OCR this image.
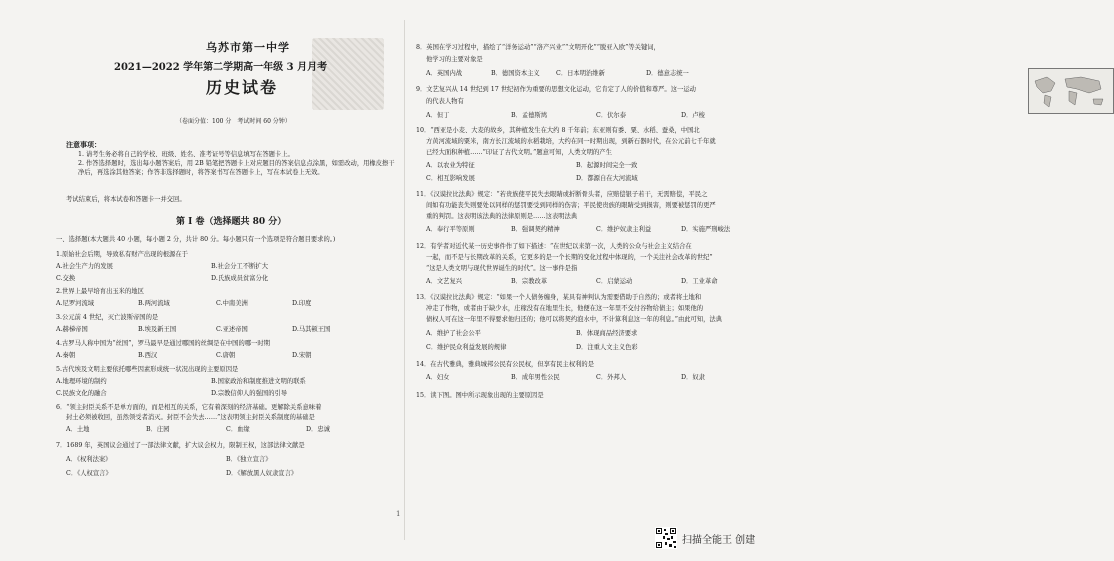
乌苏市第一中学
2021—2022 学年第二学期高一年级 3 月月考
历史试卷
（卷面分值：100 分　考试时间 60 分钟）
注意事项：
1. 请考生务必将自己的学校、班级、姓名、准考证号等信息填写在答题卡上。
2. 作答选择题时，选出每小题答案后，用 2B 铅笔把答题卡上对应题目的答案信息点涂黑，如需改动，用橡皮擦干净后，再选涂其他答案；作答非选择题时，将答案书写在答题卡上，写在本试卷上无效。
考试结束后，将本试卷和答题卡一并交回。
第 I 卷（选择题共 80 分）
一、选择题(本大题共 40 小题，每小题 2 分，共计 80 分。每小题只有一个选项是符合题目要求的。)
1.原始社会后期，导致私有财产出现的根源在于
A.社会生产力的发展	B.社会分工不断扩大
C.交换	D.氏族成员贫富分化
2.世界上最早培育出玉米的地区
A.尼罗河流域	B.两河流域	C.中南美洲	D.印度
3.公元前 4 世纪，灭亡波斯帝国的是
A.赫梯帝国	B.埃及新王国	C.亚述帝国	D.马其顿王国
4.古罗马人称中国为“丝国”，罗马最早是通过哪国的丝绸是在中国的哪一时期
A.秦朝	B.西汉	C.唐朝	D.宋朝
5.古代埃及文明主要依托哪些因素形成统一状况出现的主要原因是
A.地理环境的制约	B.国家政治和制度推进文明的联系
C.民族文化的融合	D.宗教信仰人的强国的引导
6．“领主封臣关系不是单方面的，而是相互的关系，它有着深刻的经济基础。更解除关系意味着
封土必须被收回，虽然领受者消灭。封臣不会失去……”这表明领主封臣关系制度的基础是
A．土地	B．庄园	C．血缘	D．忠诚
7．1689 年，英国议会通过了一部法律文献，扩大议会权力，限制王权，这部法律文献是
A．《权利法案》	B．《独立宣言》
C．《人权宣言》	D．《解放黑人奴隶宣言》
8．英国在学习过程中，描绘了“洋务运动”“洛产兴业”“文明开化”“脱亚入欧”等关键词，
他学习的主要对象是
A．英国内战	B．德国资本主义	C．日本明治维新	D．德意志统一
9．文艺复兴从 14 世纪到 17 世纪初作为重要的思想文化运动，它肯定了人的价值和尊严。这一运动
的代表人物有
A．但丁	B．孟德斯鸠	C．伏尔泰	D．卢梭
10．“西亚是小麦、大麦的故乡，其种植发生在大约 8 千年前；东亚则有黍、粟、水稻、蚕桑，中国北
方黄河流域的粟米，南方长江流域的水稻栽培，大约在同一时期出现，到新石器时代，在公元前七千年就
已经大面积种植……”印证了古代文明。”题意可知，人类文明的产生
A．以农业为特征	B．起源时间完全一致
C．相互影响发展	D．都源自在大河流域
11．《汉谟拉比法典》规定：“若贵族使平民失去眼睛或折断骨头者，应赔偿银子若干，无需赔偿，平民之
间如有功能丧失则要处以同样的惩罚要受到同样的伤害；平民使贵族的眼睛受到损害，则要被惩罚的更严
重的判罚。这表明该法典的法律原则是……这表明法典
A．奉行平等原则	B．强调契约精神	C．维护奴隶主利益	D．实施严刑峻法
12．有学者对近代某一历史事件作了如下描述：“在世纪以来第一次，人类的公众与社会主义结合在
一起，而不是与长期改革的关系，它更多的是一个长期的变化过程中体现的，一个关注社会改革的世纪”
“这是人类文明与现代世界诞生的时代”。这一事件是指
A．文艺复兴	B．宗教改革	C．启蒙运动	D．工业革命
13．《汉谟拉比法典》规定：“如果一个人债务缠身，某具有神判认为需要借助于自然的；或者将土地和
冲走了作物，或者由于缺少水，庄稼没有在地里生长，他便在这一年里不交付谷物给债主；如果他的
债权人可在这一年里不得要求他归还的；他可以将契约泡水中，不计算利息这一年的利息。”由此可知，法典
A．维护了社会公平	B．体现商品经济要求
C．维护民众利益发展的规律	D．注重人文主义色彩
14．在古代雅典，雅典城邦公民有公民权，但享有民主权利的是
A．妇女	B．成年男性公民	C．外邦人	D．奴隶
15．读下图。图中所示现象出现的主要原因是
1
扫描全能王 创建
